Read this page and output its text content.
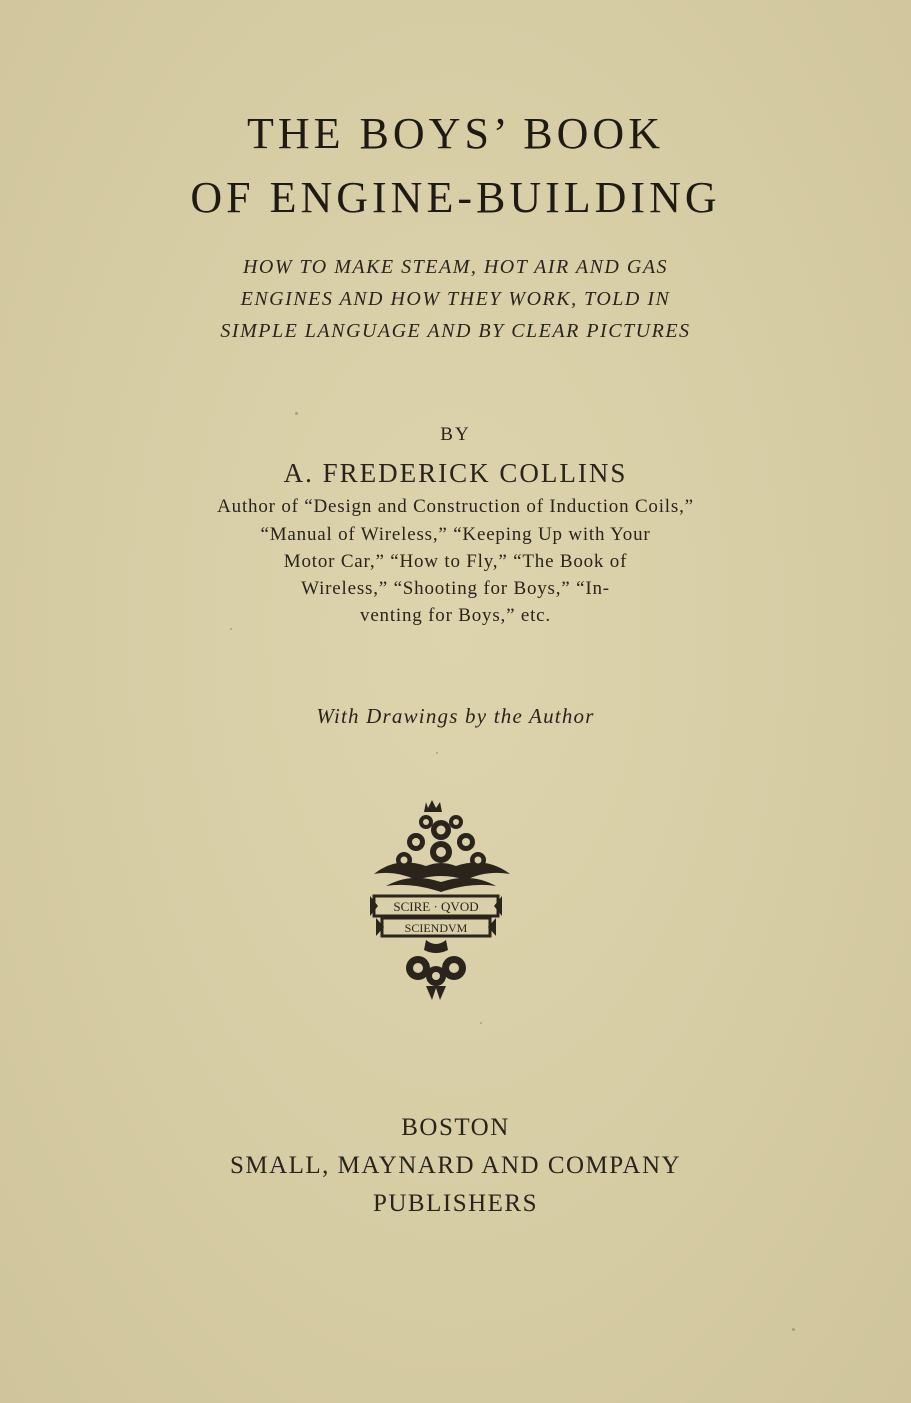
THE BOYS’ BOOK
OF ENGINE-BUILDING
HOW TO MAKE STEAM, HOT AIR AND GAS
ENGINES AND HOW THEY WORK, TOLD IN
SIMPLE LANGUAGE AND BY CLEAR PICTURES
BY
A. FREDERICK COLLINS
Author of “Design and Construction of Induction Coils,”
“Manual of Wireless,” “Keeping Up with Your
Motor Car,” “How to Fly,” “The Book of
Wireless,” “Shooting for Boys,” “In-
venting for Boys,” etc.
With Drawings by the Author
SCIRE · QVOD
SCIENDVM
BOSTON
SMALL, MAYNARD AND COMPANY
PUBLISHERS
